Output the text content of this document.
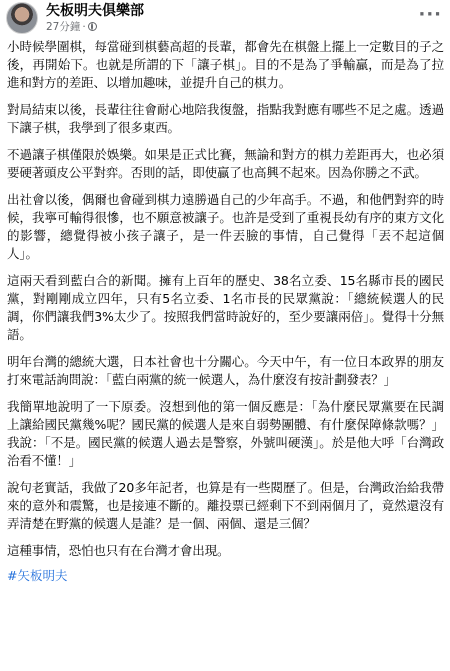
矢板明夫俱樂部
27分鐘 ·
···

小時候學圍棋，每當碰到棋藝高超的長輩，都會先在棋盤上擺上一定數目的子之後，再開始下。也就是所謂的下「讓子棋」。目的不是為了爭輸贏，而是為了拉進和對方的差距、以增加趣味，並提升自己的棋力。

對局結束以後，長輩往往會耐心地陪我復盤，指點我對應有哪些不足之處。透過下讓子棋，我學到了很多東西。

不過讓子棋僅限於娛樂。如果是正式比賽，無論和對方的棋力差距再大，也必須要硬著頭皮公平對弈。否則的話，即使贏了也高興不起來。因為你勝之不武。

出社會以後，偶爾也會碰到棋力遠勝過自己的少年高手。不過，和他們對弈的時候，我寧可輸得很慘，也不願意被讓子。也許是受到了重視長幼有序的東方文化的影響，總覺得被小孩子讓子，是一件丟臉的事情，自己覺得「丟不起這個人」。

這兩天看到藍白合的新聞。擁有上百年的歷史、38名立委、15名縣市長的國民黨，對剛剛成立四年，只有5名立委、1名市長的民眾黨說：「總統候選人的民調，你們讓我們3%太少了。按照我們當時說好的，至少要讓兩倍」。覺得十分無語。

明年台灣的總統大選，日本社會也十分關心。今天中午，有一位日本政界的朋友打來電話詢問說：「藍白兩黨的統一候選人，為什麼沒有按計劃發表？」

我簡單地說明了一下原委。沒想到他的第一個反應是：「為什麼民眾黨要在民調上讓給國民黨幾%呢？國民黨的候選人是來自弱勢團體、有什麼保障條款嗎？」我說：「不是。國民黨的候選人過去是警察，外號叫硬漢」。於是他大呼「台灣政治看不懂！」

說句老實話，我做了20多年記者，也算是有一些閱歷了。但是，台灣政治給我帶來的意外和震驚，也是接連不斷的。離投票已經剩下不到兩個月了，竟然還沒有弄清楚在野黨的候選人是誰？是一個、兩個、還是三個？

這種事情，恐怕也只有在台灣才會出現。

#矢板明夫
